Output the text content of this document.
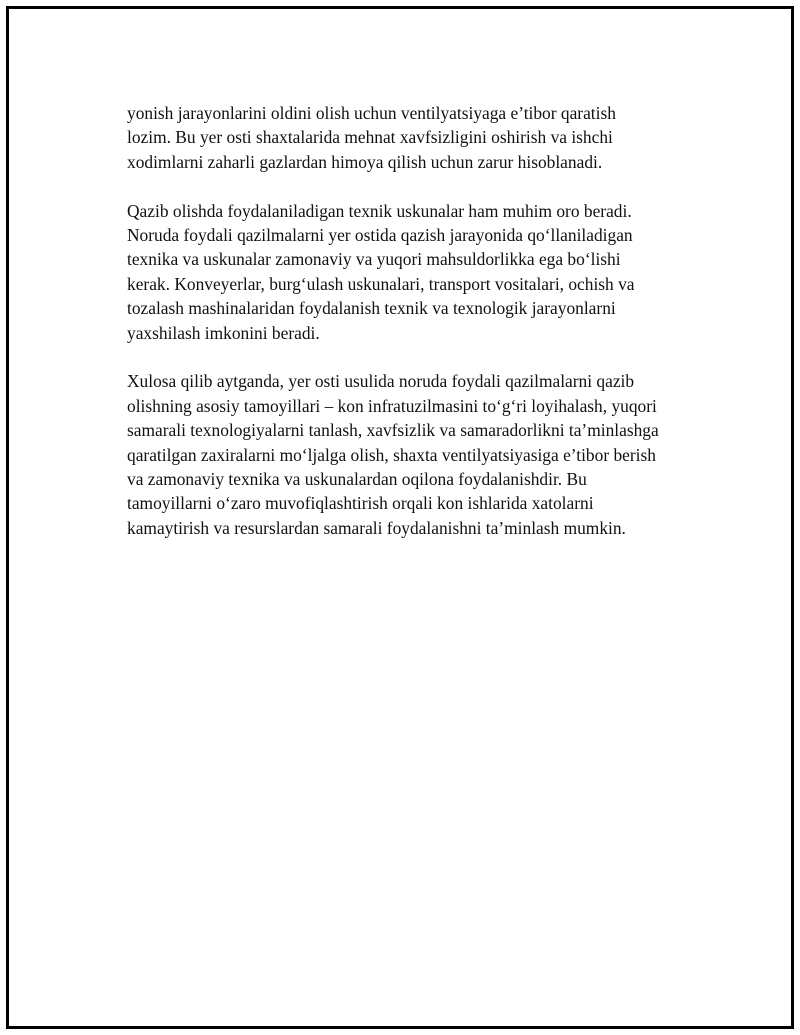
yonish jarayonlarini oldini olish uchun ventilyatsiyaga e’tibor qaratish
lozim. Bu yer osti shaxtalarida mehnat xavfsizligini oshirish va ishchi
xodimlarni zaharli gazlardan himoya qilish uchun zarur hisoblanadi.

Qazib olishda foydalaniladigan texnik uskunalar ham muhim oro beradi.
Noruda foydali qazilmalarni yer ostida qazish jarayonida qo‘llaniladigan
texnika va uskunalar zamonaviy va yuqori mahsuldorlikka ega bo‘lishi
kerak. Konveyerlar, burg‘ulash uskunalari, transport vositalari, ochish va
tozalash mashinalaridan foydalanish texnik va texnologik jarayonlarni
yaxshilash imkonini beradi.

Xulosa qilib aytganda, yer osti usulida noruda foydali qazilmalarni qazib
olishning asosiy tamoyillari – kon infratuzilmasini to‘g‘ri loyihalash, yuqori
samarali texnologiyalarni tanlash, xavfsizlik va samaradorlikni ta’minlashga
qaratilgan zaxiralarni mo‘ljalga olish, shaxta ventilyatsiyasiga e’tibor berish
va zamonaviy texnika va uskunalardan oqilona foydalanishdir. Bu
tamoyillarni o‘zaro muvofiqlashtirish orqali kon ishlarida xatolarni
kamaytirish va resurslardan samarali foydalanishni ta’minlash mumkin.
